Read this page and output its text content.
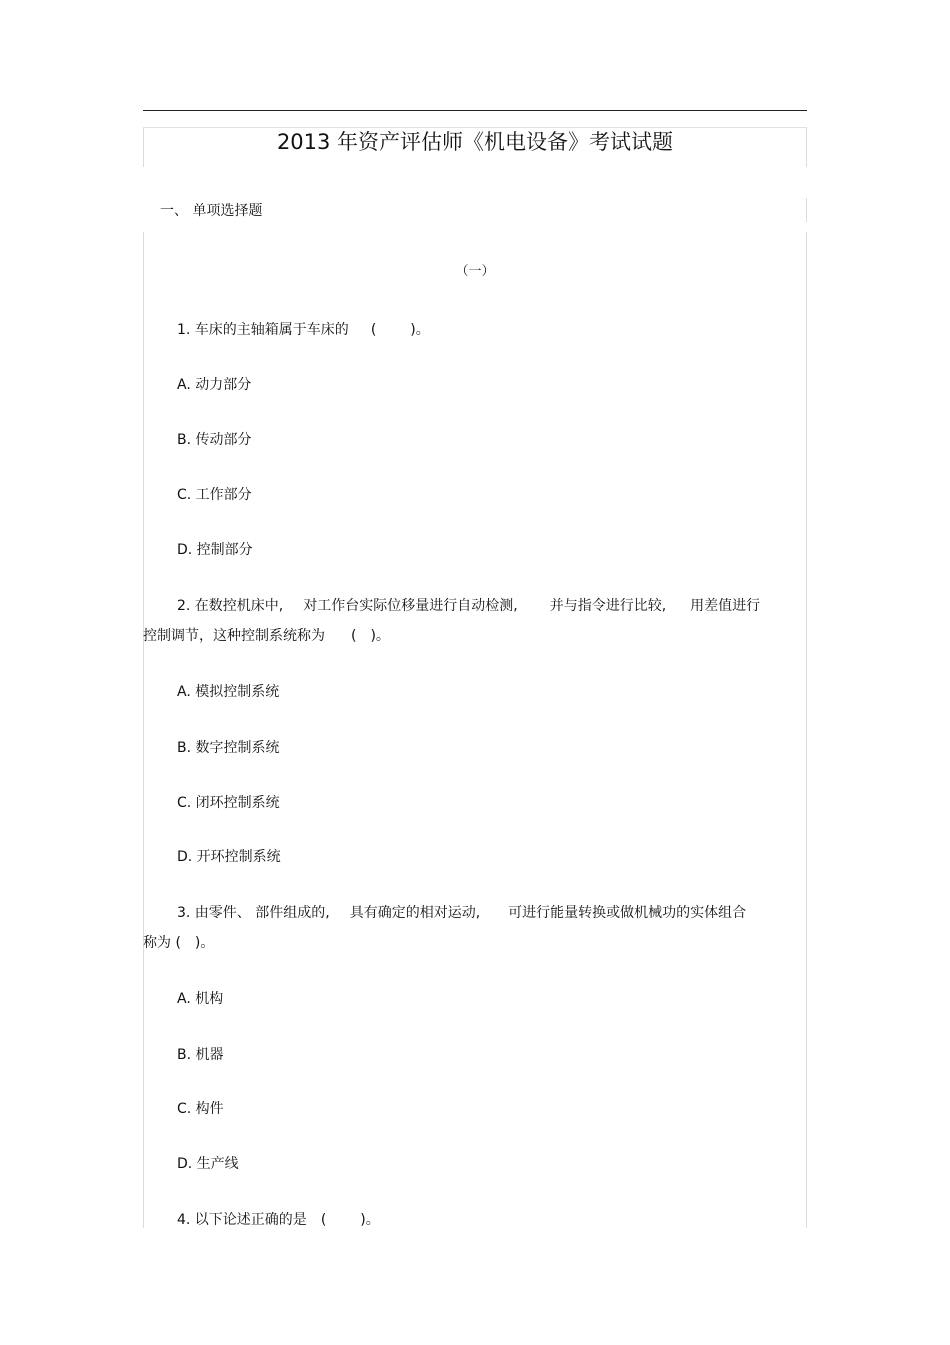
2013 年资产评估师《机电设备》考试试题
一、 单项选择题
（一）
1. 车床的主轴箱属于车床的 ( )。
A. 动力部分
B. 传动部分
C. 工作部分
D. 控制部分
2. 在数控机床中, 对工作台实际位移量进行自动检测, 并与指令进行比较, 用差值进行
控制调节，这种控制系统称为 ( )。
A. 模拟控制系统
B. 数字控制系统
C. 闭环控制系统
D. 开环控制系统
3. 由零件、 部件组成的, 具有确定的相对运动, 可进行能量转换或做机械功的实体组合
称为 ( )。
A. 机构
B. 机器
C. 构件
D. 生产线
4. 以下论述正确的是 ( )。
